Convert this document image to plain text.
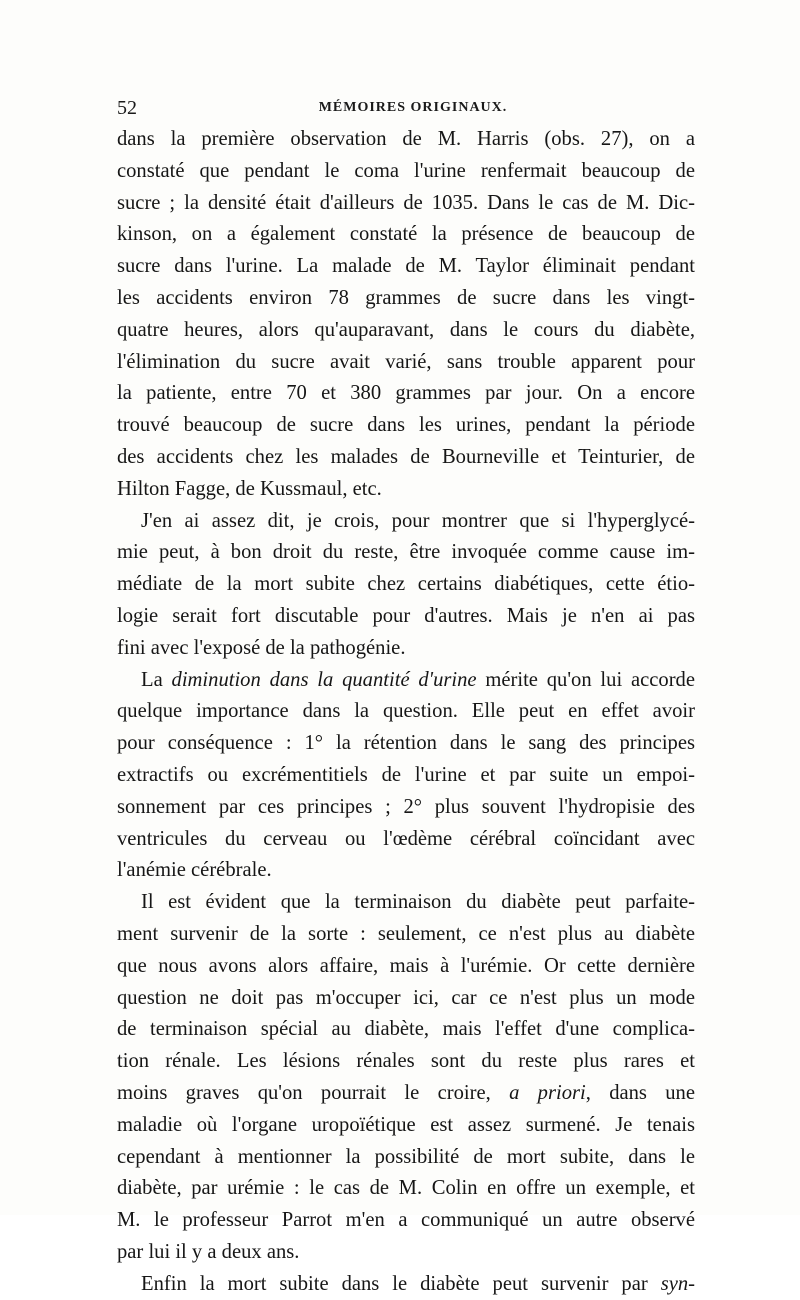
52	MÉMOIRES ORIGINAUX.
dans la première observation de M. Harris (obs. 27), on a
constaté que pendant le coma l'urine renfermait beaucoup de
sucre ; la densité était d'ailleurs de 1035. Dans le cas de M. Dic-
kinson, on a également constaté la présence de beaucoup de
sucre dans l'urine. La malade de M. Taylor éliminait pendant
les accidents environ 78 grammes de sucre dans les vingt-
quatre heures, alors qu'auparavant, dans le cours du diabète,
l'élimination du sucre avait varié, sans trouble apparent pour
la patiente, entre 70 et 380 grammes par jour. On a encore
trouvé beaucoup de sucre dans les urines, pendant la période
des accidents chez les malades de Bourneville et Teinturier, de
Hilton Fagge, de Kussmaul, etc.
J'en ai assez dit, je crois, pour montrer que si l'hyperglycé-
mie peut, à bon droit du reste, être invoquée comme cause im-
médiate de la mort subite chez certains diabétiques, cette étio-
logie serait fort discutable pour d'autres. Mais je n'en ai pas
fini avec l'exposé de la pathogénie.
La diminution dans la quantité d'urine mérite qu'on lui accorde
quelque importance dans la question. Elle peut en effet avoir
pour conséquence : 1° la rétention dans le sang des principes
extractifs ou excrémentitiels de l'urine et par suite un empoi-
sonnement par ces principes ; 2° plus souvent l'hydropisie des
ventricules du cerveau ou l'œdème cérébral coïncidant avec
l'anémie cérébrale.
Il est évident que la terminaison du diabète peut parfaite-
ment survenir de la sorte : seulement, ce n'est plus au diabète
que nous avons alors affaire, mais à l'urémie. Or cette dernière
question ne doit pas m'occuper ici, car ce n'est plus un mode
de terminaison spécial au diabète, mais l'effet d'une complica-
tion rénale. Les lésions rénales sont du reste plus rares et
moins graves qu'on pourrait le croire, a priori, dans une
maladie où l'organe uropoïétique est assez surmené. Je tenais
cependant à mentionner la possibilité de mort subite, dans le
diabète, par urémie : le cas de M. Colin en offre un exemple, et
M. le professeur Parrot m'en a communiqué un autre observé
par lui il y a deux ans.
Enfin la mort subite dans le diabète peut survenir par syn-
